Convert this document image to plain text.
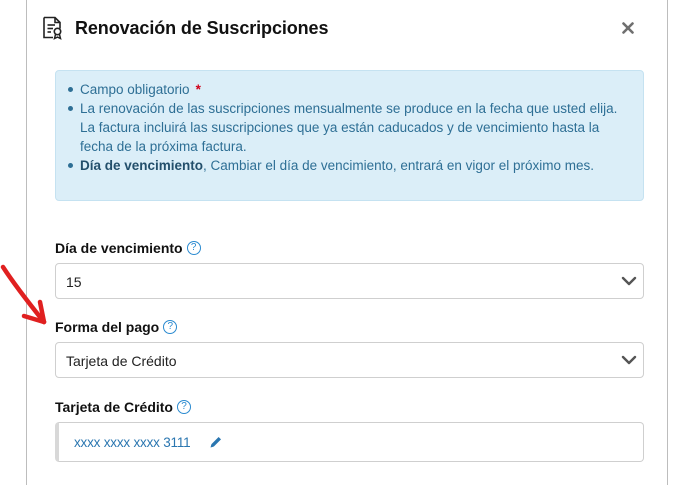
Renovación de Suscripciones
Campo obligatorio *
La renovación de las suscripciones mensualmente se produce en la fecha que usted elija. La factura incluirá las suscripciones que ya están caducados y de vencimiento hasta la fecha de la próxima factura.
Día de vencimiento, Cambiar el día de vencimiento, entrará en vigor el próximo mes.
Día de vencimiento ?
15
Forma del pago ?
Tarjeta de Crédito
Tarjeta de Crédito ?
xxxx xxxx xxxx 3111
